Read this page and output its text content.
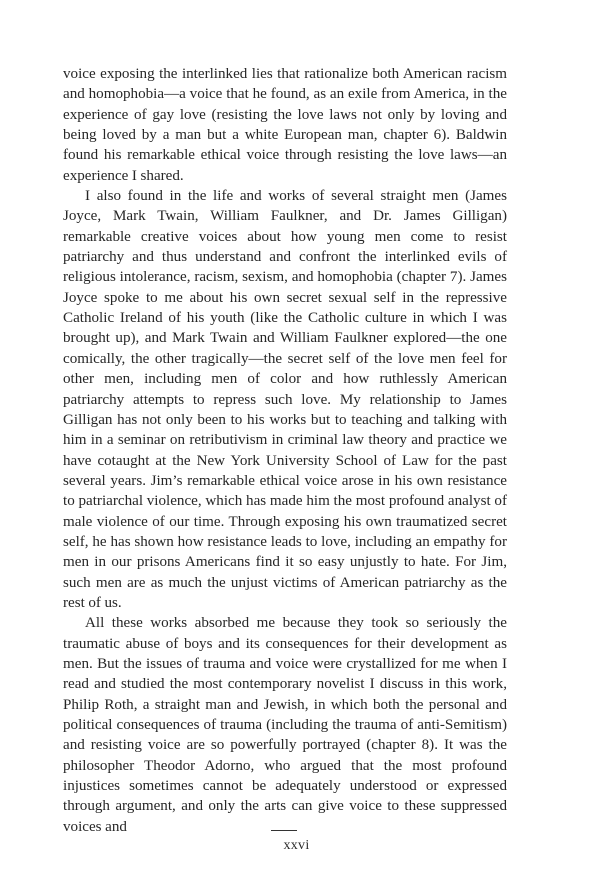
voice exposing the interlinked lies that rationalize both American racism and homophobia—a voice that he found, as an exile from America, in the experience of gay love (resisting the love laws not only by loving and being loved by a man but a white European man, chapter 6). Baldwin found his remarkable ethical voice through resisting the love laws—an experience I shared.

I also found in the life and works of several straight men (James Joyce, Mark Twain, William Faulkner, and Dr. James Gilligan) remarkable creative voices about how young men come to resist patriarchy and thus understand and confront the interlinked evils of religious intolerance, racism, sexism, and homophobia (chapter 7). James Joyce spoke to me about his own secret sexual self in the repressive Catholic Ireland of his youth (like the Catholic culture in which I was brought up), and Mark Twain and William Faulkner explored—the one comically, the other tragically—the secret self of the love men feel for other men, including men of color and how ruthlessly American patriarchy attempts to repress such love. My relationship to James Gilligan has not only been to his works but to teaching and talking with him in a seminar on retributivism in criminal law theory and practice we have cotaught at the New York University School of Law for the past several years. Jim’s remarkable ethical voice arose in his own resistance to patriarchal violence, which has made him the most profound analyst of male violence of our time. Through exposing his own traumatized secret self, he has shown how resistance leads to love, including an empathy for men in our prisons Americans find it so easy unjustly to hate. For Jim, such men are as much the unjust victims of American patriarchy as the rest of us.

All these works absorbed me because they took so seriously the traumatic abuse of boys and its consequences for their development as men. But the issues of trauma and voice were crystallized for me when I read and studied the most contemporary novelist I discuss in this work, Philip Roth, a straight man and Jewish, in which both the personal and political consequences of trauma (including the trauma of anti-Semitism) and resisting voice are so powerfully portrayed (chapter 8). It was the philosopher Theodor Adorno, who argued that the most profound injustices sometimes cannot be adequately understood or expressed through argument, and only the arts can give voice to these suppressed voices and

xxvi
